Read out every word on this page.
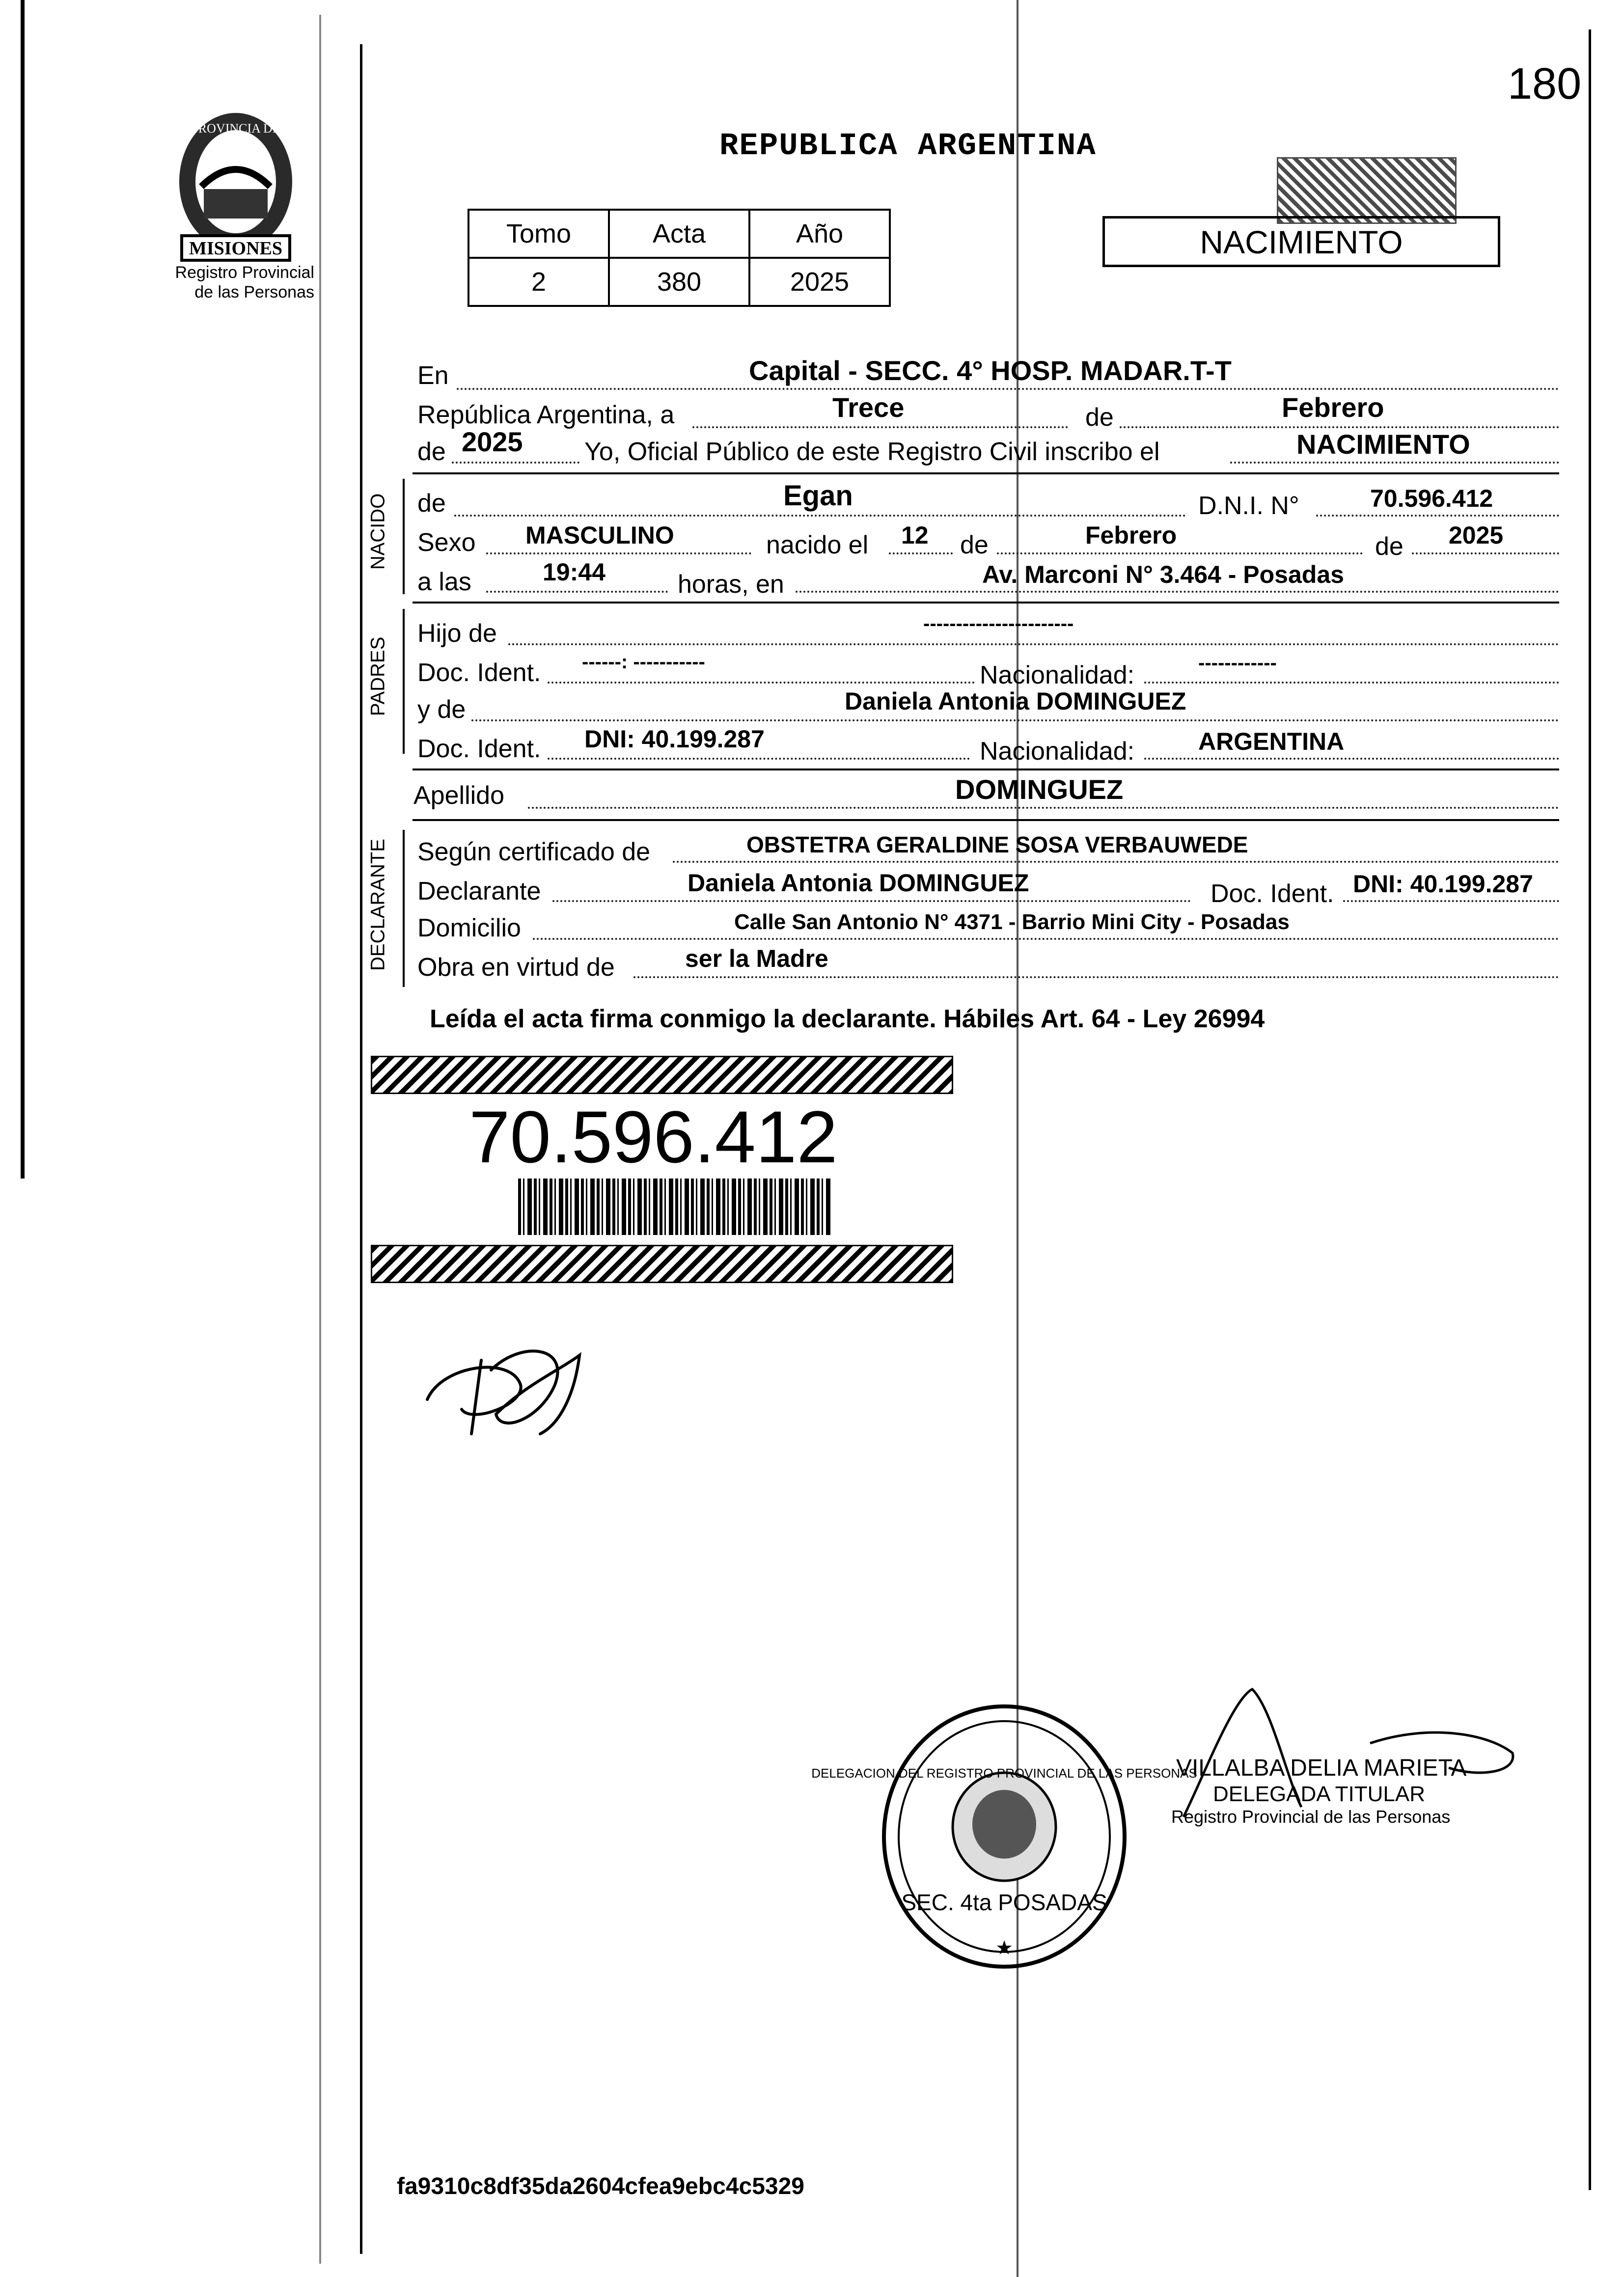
180
MISIONES
PROVINCIA DE
Registro Provincial
de las Personas
REPUBLICA ARGENTINA
NACIMIENTO
Tomo	Acta	Año
2	380	2025
En	Capital - SECC. 4° HOSP. MADAR.T-T
República Argentina, a	Trece	de	Febrero
de 2025 Yo, Oficial Público de este Registro Civil inscribo el	NACIMIENTO
NACIDO de	Egan	D.N.I. N°	70.596.412
Sexo MASCULINO	nacido el 12 de	Febrero	de 2025
a las	19:44	horas, en	Av. Marconi N° 3.464 - Posadas
PADRES
Hijo de	-----------------------
Doc. Ident. ------: -----------	Nacionalidad:	------------
y de	Daniela Antonia DOMINGUEZ
Doc. Ident. DNI: 40.199.287	Nacionalidad:	ARGENTINA
Apellido	DOMINGUEZ
DECLARANTE Según certificado de	OBSTETRA GERALDINE SOSA VERBAUWEDE
Declarante	Daniela Antonia DOMINGUEZ	Doc. Ident. DNI: 40.199.287
Domicilio	Calle San Antonio N° 4371 - Barrio Mini City - Posadas
Obra en virtud de	ser la Madre
Leída el acta firma conmigo la declarante. Hábiles Art. 64 - Ley 26994
70.596.412
SEC. 4ta POSADAS
DELEGACION DEL REGISTRO PROVINCIAL DE LAS PERSONAS
★
VILLALBA DELIA MARIETA
DELEGADA TITULAR
Registro Provincial de las Personas
fa9310c8df35da2604cfea9ebc4c5329
